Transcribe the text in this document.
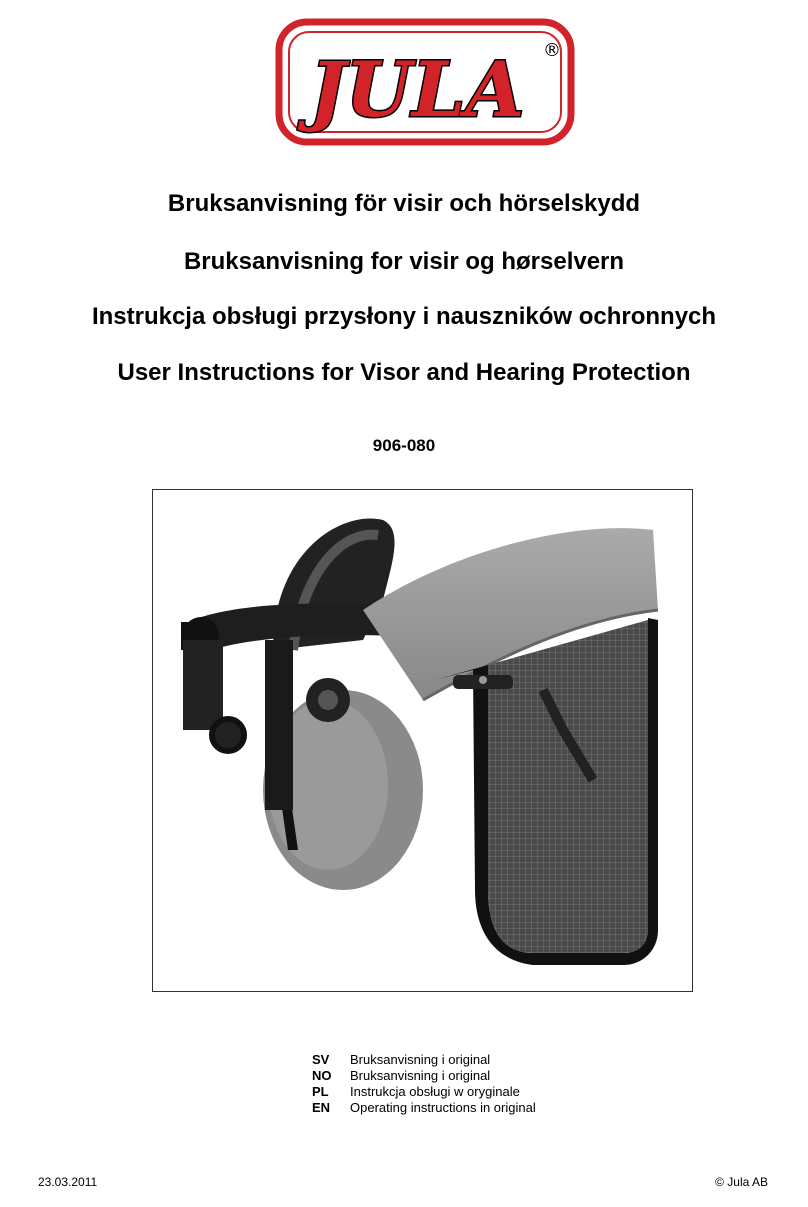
JULA ®
Bruksanvisning för visir och hörselskydd
Bruksanvisning for visir og hørselvern
Instrukcja obsługi przysłony i nauszników ochronnych
User Instructions for Visor and Hearing Protection
906-080
SV	Bruksanvisning i original
NO	Bruksanvisning i original
PL	Instrukcja obsługi w oryginale
EN	Operating instructions in original
23.03.2011	© Jula AB
